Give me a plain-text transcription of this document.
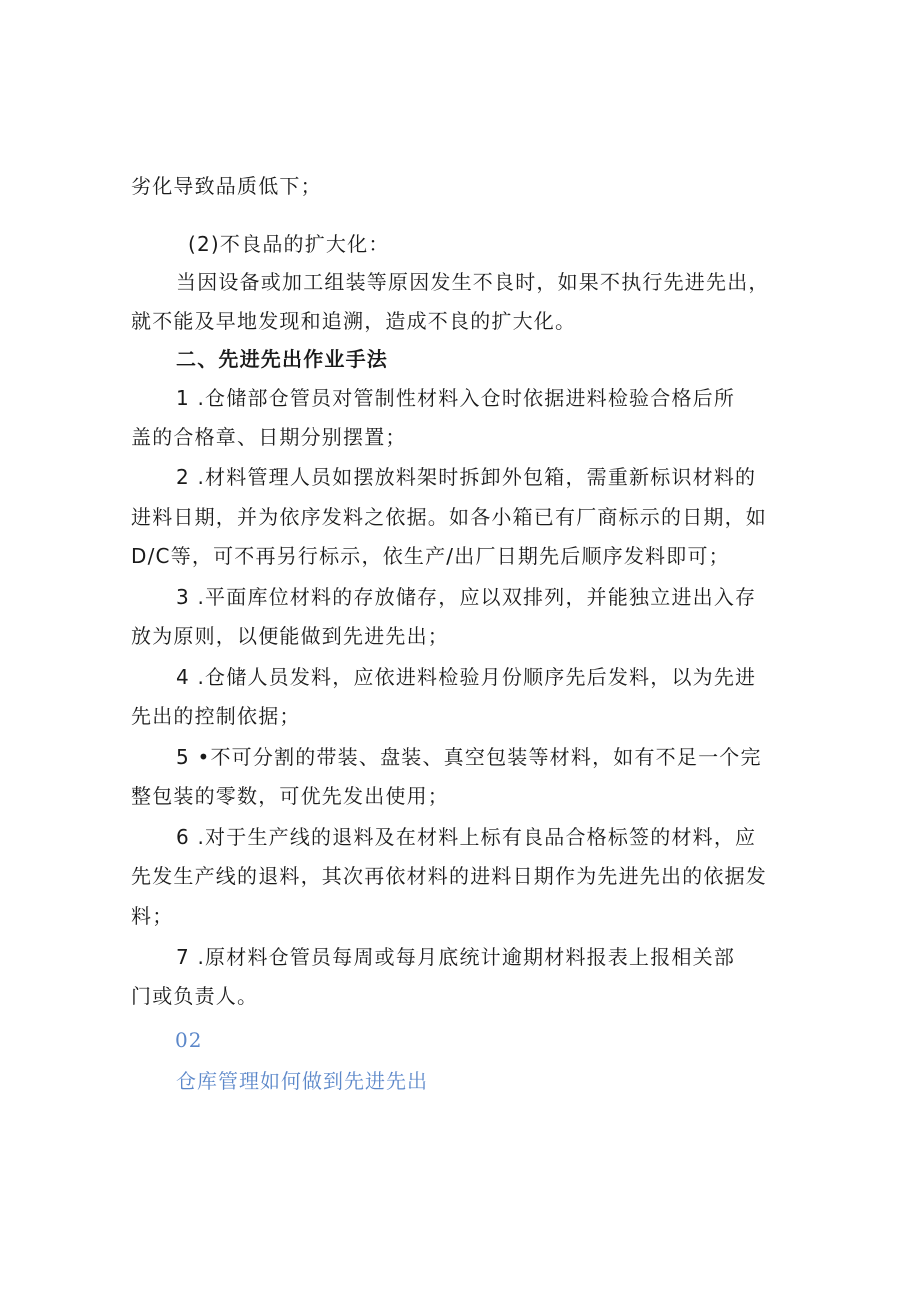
劣化导致品质低下；
(2)不良品的扩大化：
当因设备或加工组装等原因发生不良时，如果不执行先进先出，
就不能及早地发现和追溯，造成不良的扩大化。
二、先进先出作业手法
1 .仓储部仓管员对管制性材料入仓时依据进料检验合格后所
盖的合格章、日期分别摆置；
2 .材料管理人员如摆放料架时拆卸外包箱，需重新标识材料的
进料日期，并为依序发料之依据。如各小箱已有厂商标示的日期，如
D/C等，可不再另行标示，依生产/出厂日期先后顺序发料即可；
3 .平面库位材料的存放储存，应以双排列，并能独立进出入存
放为原则，以便能做到先进先出；
4 .仓储人员发料，应依进料检验月份顺序先后发料，以为先进
先出的控制依据；
5 •不可分割的带装、盘装、真空包装等材料，如有不足一个完
整包装的零数，可优先发出使用；
6 .对于生产线的退料及在材料上标有良品合格标签的材料，应
先发生产线的退料，其次再依材料的进料日期作为先进先出的依据发
料；
7 .原材料仓管员每周或每月底统计逾期材料报表上报相关部
门或负责人。
02
仓库管理如何做到先进先出
